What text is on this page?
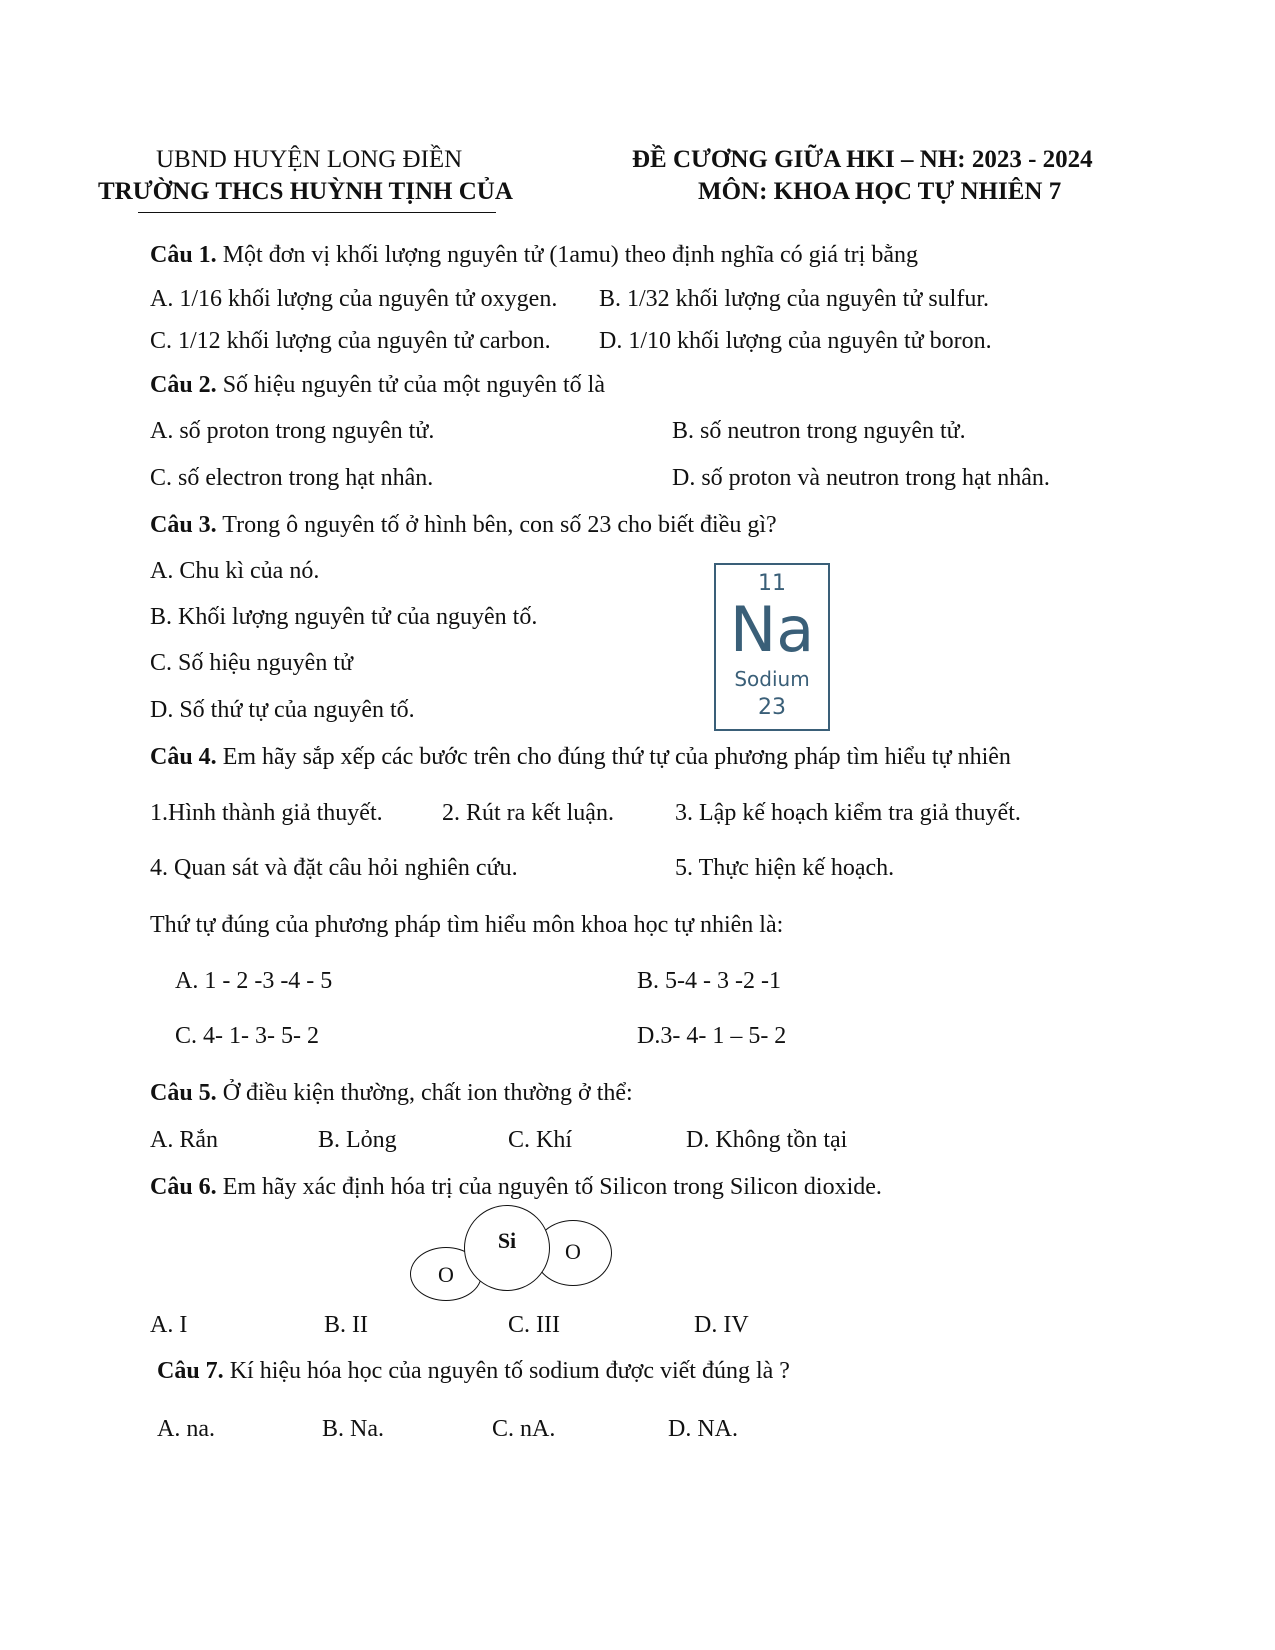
UBND HUYỆN LONG ĐIỀN
TRƯỜNG THCS HUỲNH TỊNH CỦA
ĐỀ CƯƠNG GIỮA HKI – NH: 2023 - 2024
MÔN: KHOA HỌC TỰ NHIÊN 7
Câu 1. Một đơn vị khối lượng nguyên tử (1amu) theo định nghĩa có giá trị bằng
A. 1/16 khối lượng của nguyên tử oxygen. B. 1/32 khối lượng của nguyên tử sulfur.
C. 1/12 khối lượng của nguyên tử carbon. D. 1/10 khối lượng của nguyên tử boron.
Câu 2. Số hiệu nguyên tử của một nguyên tố là
A. số proton trong nguyên tử.	B. số neutron trong nguyên tử.
C. số electron trong hạt nhân.	D. số proton và neutron trong hạt nhân.
Câu 3. Trong ô nguyên tố ở hình bên, con số 23 cho biết điều gì?
A. Chu kì của nó.
B. Khối lượng nguyên tử của nguyên tố.
C. Số hiệu nguyên tử
D. Số thứ tự của nguyên tố.
11
Na
Sodium
23
Câu 4. Em hãy sắp xếp các bước trên cho đúng thứ tự của phương pháp tìm hiểu tự nhiên
1.Hình thành giả thuyết. 2. Rút ra kết luận.	3. Lập kế hoạch kiểm tra giả thuyết.
4. Quan sát và đặt câu hỏi nghiên cứu.	5. Thực hiện kế hoạch.
Thứ tự đúng của phương pháp tìm hiểu môn khoa học tự nhiên là:
A. 1 - 2 -3 -4 - 5	B. 5-4 - 3 -2 -1
C. 4- 1- 3- 5- 2	D.3- 4- 1 – 5- 2
Câu 5. Ở điều kiện thường, chất ion thường ở thể:
A. Rắn	B. Lỏng	C. Khí	D. Không tồn tại
Câu 6. Em hãy xác định hóa trị của nguyên tố Silicon trong Silicon dioxide.
O
O
Si
A. I	B. II	C. III	D. IV
Câu 7. Kí hiệu hóa học của nguyên tố sodium được viết đúng là ?
A. na.	B. Na.	C. nA.	D. NA.
